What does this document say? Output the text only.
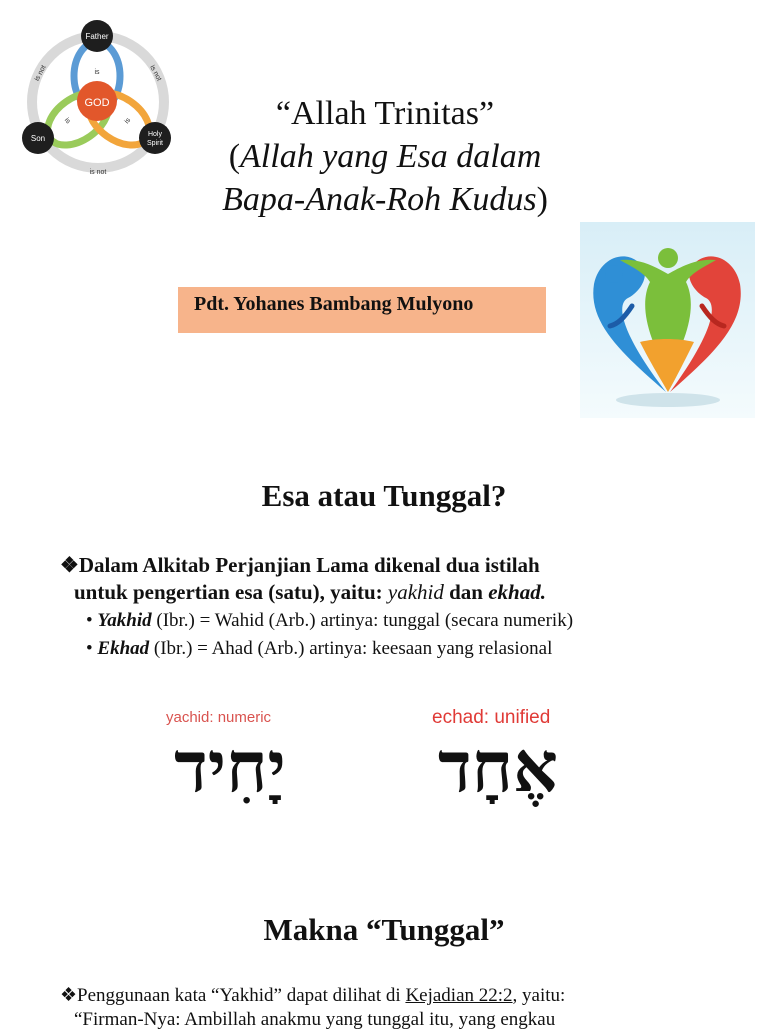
GOD
Father
Son	Holy
Spirit
is
is	is
is not	is not
is not

“Allah Trinitas”

(Allah yang Esa dalam

Bapa-Anak-Roh Kudus)

Pdt. Yohanes Bambang Mulyono
Esa atau Tunggal?
❖Dalam Alkitab Perjanjian Lama dikenal dua istilah
untuk pengertian esa (satu), yaitu: yakhid dan ekhad.
• Yakhid (Ibr.) = Wahid (Arb.) artinya: tunggal (secara numerik)
• Ekhad (Ibr.) = Ahad (Arb.) artinya: keesaan yang relasional
yachid: numeric
יָחִיד
echad: unified
אֶחָד
Makna “Tunggal”
❖Penggunaan kata “Yakhid” dapat dilihat di Kejadian 22:2, yaitu:
“Firman-Nya: Ambillah anakmu yang tunggal itu, yang engkau
